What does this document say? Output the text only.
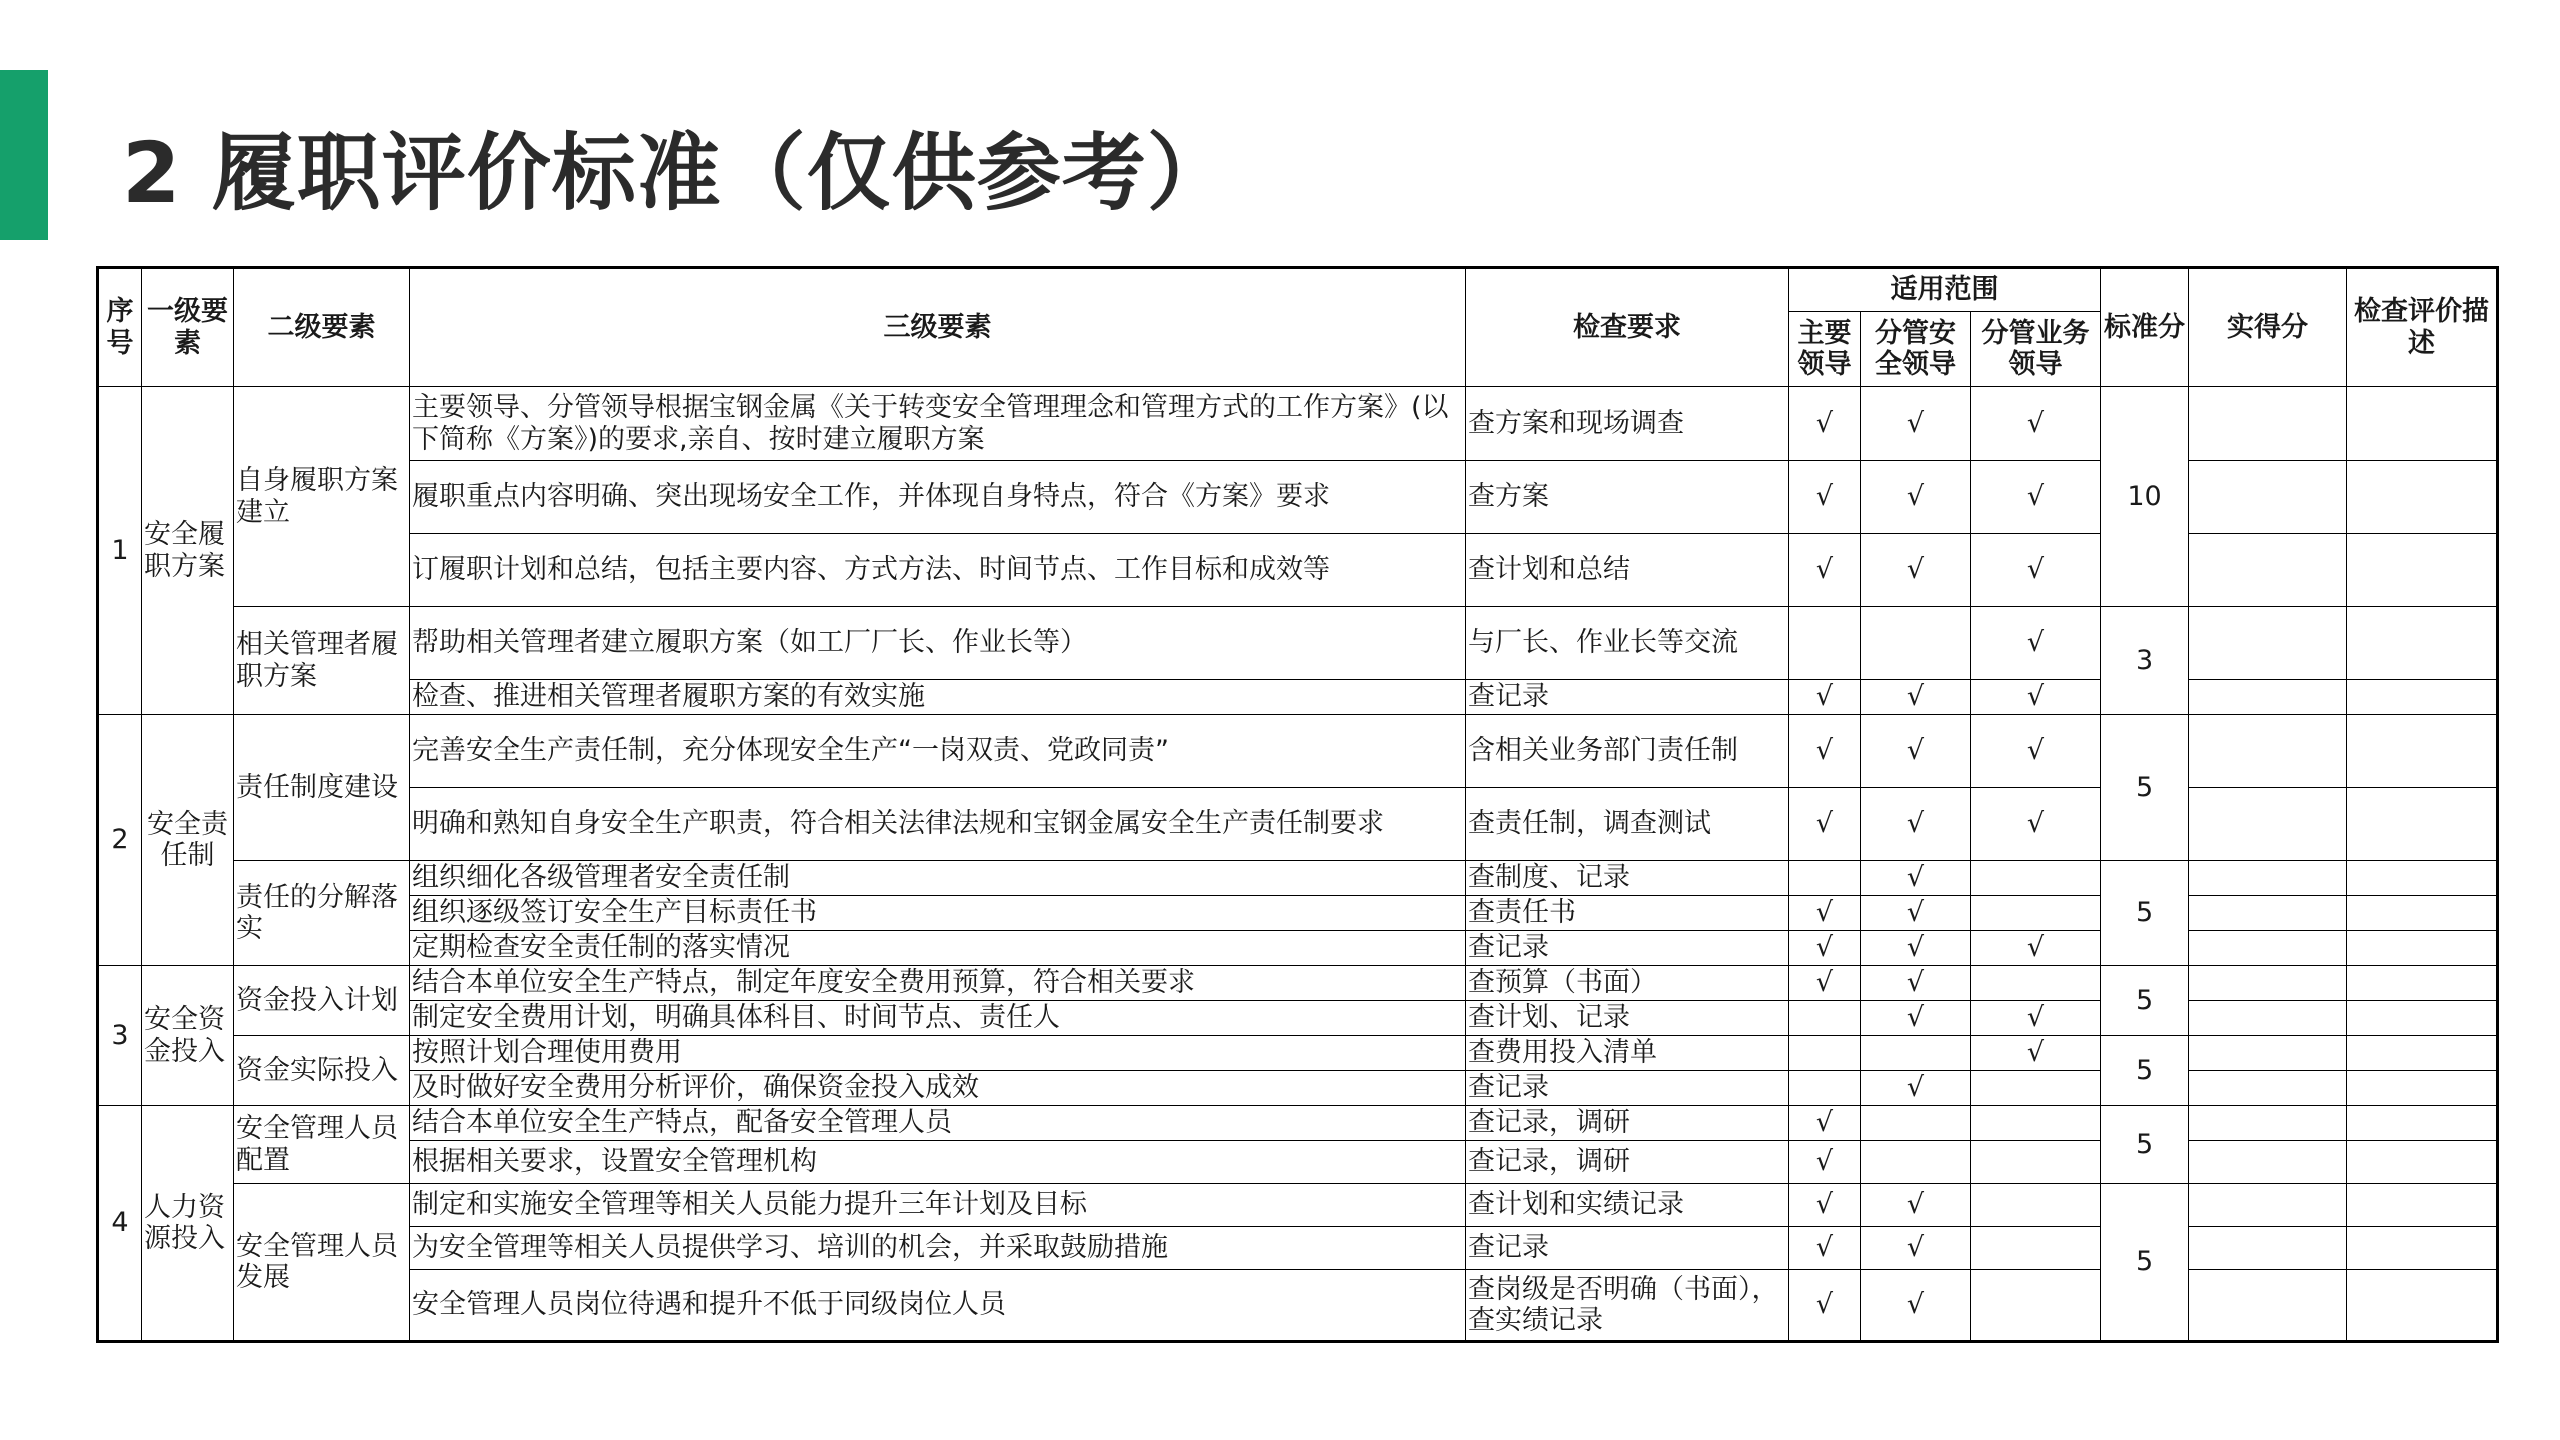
2 履职评价标准（仅供参考）
序号	一级要素	二级要素	三级要素	检查要求	适用范围			标准分	实得分	检查评价描述
					主要领导	分管安全领导	分管业务领导			
1	安全履职方案	自身履职方案建立	主要领导、分管领导根据宝钢金属《关于转变安全管理理念和管理方式的工作方案》(以下简称《方案》)的要求,亲自、按时建立履职方案	查方案和现场调查	√	√	√	10		
			履职重点内容明确、突出现场安全工作，并体现自身特点，符合《方案》要求	查方案	√	√	√			
			订履职计划和总结，包括主要内容、方式方法、时间节点、工作目标和成效等	查计划和总结	√	√	√			
		相关管理者履职方案	帮助相关管理者建立履职方案（如工厂厂长、作业长等）	与厂长、作业长等交流			√	3		
			检查、推进相关管理者履职方案的有效实施	查记录	√	√	√			
2	安全责任制	责任制度建设	完善安全生产责任制，充分体现安全生产“一岗双责、党政同责”	含相关业务部门责任制	√	√	√	5		
			明确和熟知自身安全生产职责，符合相关法律法规和宝钢金属安全生产责任制要求	查责任制，调查测试	√	√	√			
		责任的分解落实	组织细化各级管理者安全责任制	查制度、记录		√		5		
			组织逐级签订安全生产目标责任书	查责任书	√	√				
			定期检查安全责任制的落实情况	查记录	√	√	√			
3	安全资金投入	资金投入计划	结合本单位安全生产特点，制定年度安全费用预算，符合相关要求	查预算（书面）	√	√		5		
			制定安全费用计划，明确具体科目、时间节点、责任人	查计划、记录		√	√			
		资金实际投入	按照计划合理使用费用	查费用投入清单			√	5		
			及时做好安全费用分析评价，确保资金投入成效	查记录		√				
4	人力资源投入	安全管理人员配置	结合本单位安全生产特点，配备安全管理人员	查记录，调研	√			5		
			根据相关要求，设置安全管理机构	查记录，调研	√					
		安全管理人员发展	制定和实施安全管理等相关人员能力提升三年计划及目标	查计划和实绩记录	√	√		5		
			为安全管理等相关人员提供学习、培训的机会，并采取鼓励措施	查记录	√	√				
			安全管理人员岗位待遇和提升不低于同级岗位人员	查岗级是否明确（书面），查实绩记录	√	√				
